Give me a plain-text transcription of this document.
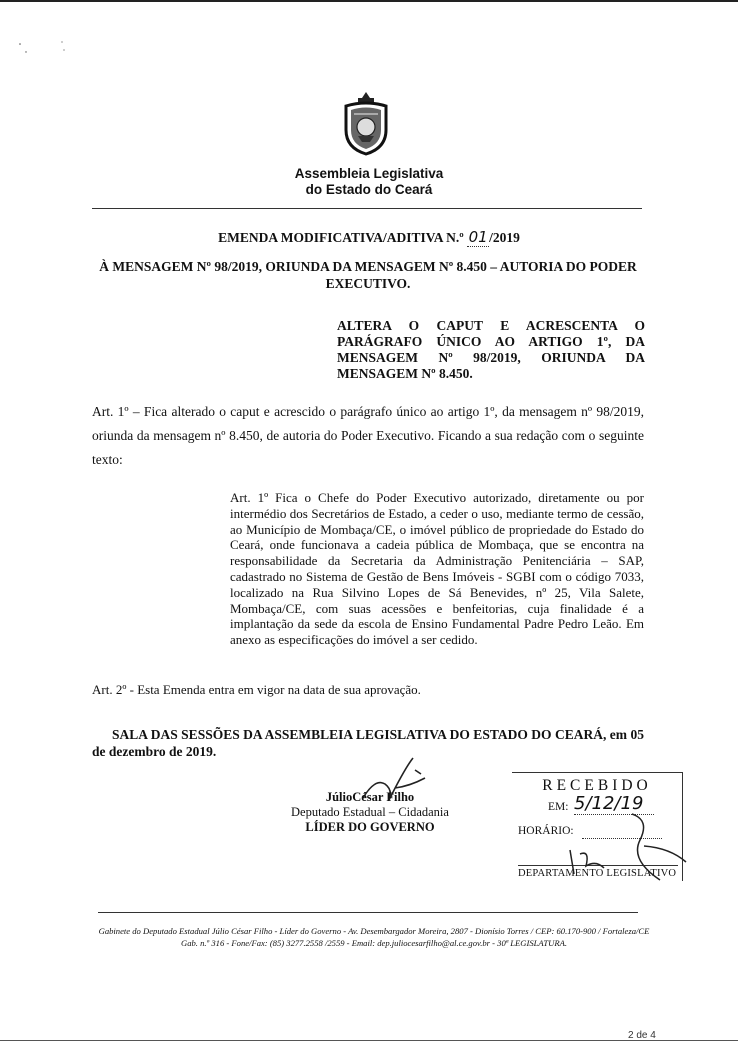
Assembleia Legislativa
do Estado do Ceará
EMENDA MODIFICATIVA/ADITIVA N.º 01/2019
À MENSAGEM Nº 98/2019, ORIUNDA DA MENSAGEM Nº 8.450 – AUTORIA DO PODER EXECUTIVO.
ALTERA O CAPUT E ACRESCENTA O PARÁGRAFO ÚNICO AO ARTIGO 1º, DA MENSAGEM Nº 98/2019, ORIUNDA DA MENSAGEM Nº 8.450.
Art. 1º – Fica alterado o caput e acrescido o parágrafo único ao artigo 1º, da mensagem nº 98/2019, oriunda da mensagem nº 8.450, de autoria do Poder Executivo. Ficando a sua redação com o seguinte texto:
Art. 1º Fica o Chefe do Poder Executivo autorizado, diretamente ou por intermédio dos Secretários de Estado, a ceder o uso, mediante termo de cessão, ao Município de Mombaça/CE, o imóvel público de propriedade do Estado do Ceará, onde funcionava a cadeia pública de Mombaça, que se encontra na responsabilidade da Secretaria da Administração Penitenciária – SAP, cadastrado no Sistema de Gestão de Bens Imóveis - SGBI com o código 7033, localizado na Rua Silvino Lopes de Sá Benevides, nº 25, Vila Salete, Mombaça/CE, com suas acessões e benfeitorias, cuja finalidade é a implantação da sede da escola de Ensino Fundamental Padre Pedro Leão. Em anexo as especificações do imóvel a ser cedido.
Art. 2º - Esta Emenda entra em vigor na data de sua aprovação.
SALA DAS SESSÕES DA ASSEMBLEIA LEGISLATIVA DO ESTADO DO CEARÁ, em 05 de dezembro de 2019.
JúlioCésar Filho
Deputado Estadual – Cidadania
LÍDER DO GOVERNO
RECEBIDO
EM: 5/12/19
HORÁRIO:
DEPARTAMENTO LEGISLATIVO
Gabinete do Deputado Estadual Júlio César Filho - Líder do Governo - Av. Desembargador Moreira, 2807 - Dionísio Torres / CEP: 60.170-900 / Fortaleza/CE Gab. n.º 316 - Fone/Fax: (85) 3277.2558 /2559 - Email: dep.juliocesarfilho@al.ce.gov.br - 30ª LEGISLATURA.
2 de 4
